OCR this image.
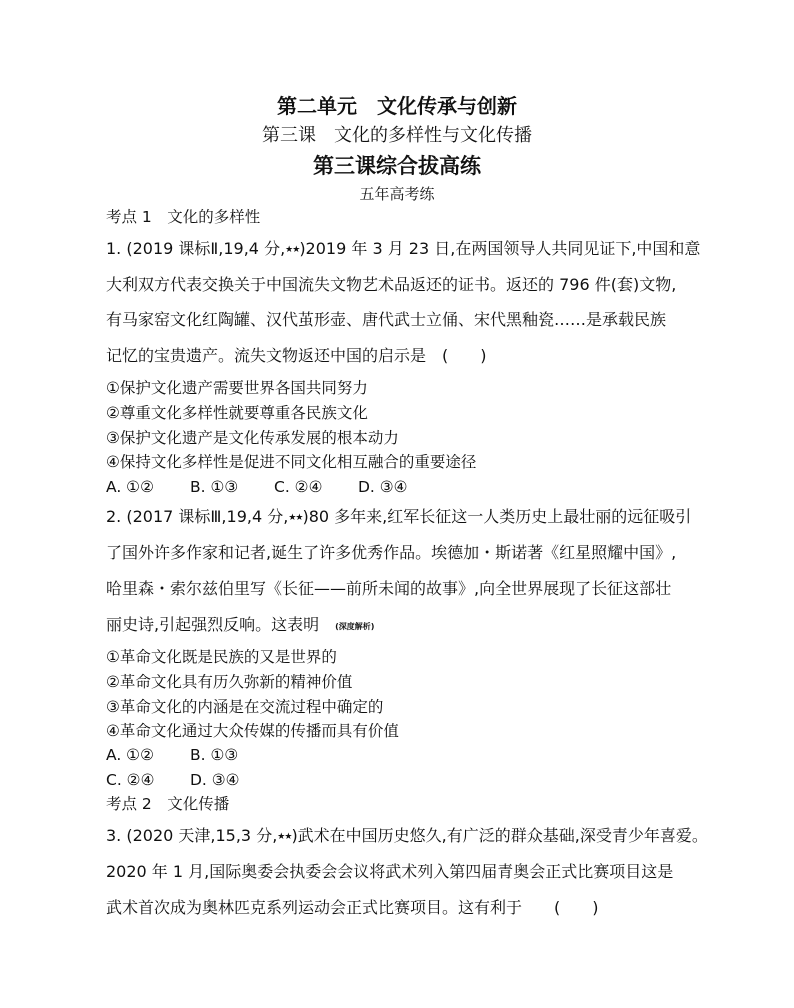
第二单元　文化传承与创新
第三课　文化的多样性与文化传播
第三课综合拔高练
五年高考练
考点 1　文化的多样性
1. (2019 课标Ⅱ,19,4 分,★★)2019 年 3 月 23 日,在两国领导人共同见证下,中国和意
大利双方代表交换关于中国流失文物艺术品返还的证书。返还的 796 件(套)文物,
有马家窑文化红陶罐、汉代茧形壶、唐代武士立俑、宋代黑釉瓷……是承载民族
记忆的宝贵遗产。流失文物返还中国的启示是　(　　)
①保护文化遗产需要世界各国共同努力
②尊重文化多样性就要尊重各民族文化
③保护文化遗产是文化传承发展的根本动力
④保持文化多样性是促进不同文化相互融合的重要途径
A. ①② B. ①③ C. ②④ D. ③④
2. (2017 课标Ⅲ,19,4 分,★★)80 多年来,红军长征这一人类历史上最壮丽的远征吸引
了国外许多作家和记者,诞生了许多优秀作品。埃德加・斯诺著《红星照耀中国》,
哈里森・索尔兹伯里写《长征——前所未闻的故事》,向全世界展现了长征这部壮
丽史诗,引起强烈反响。这表明　(深度解析)
①革命文化既是民族的又是世界的
②革命文化具有历久弥新的精神价值
③革命文化的内涵是在交流过程中确定的
④革命文化通过大众传媒的传播而具有价值
A. ①② B. ①③
C. ②④ D. ③④
考点 2　文化传播
3. (2020 天津,15,3 分,★★)武术在中国历史悠久,有广泛的群众基础,深受青少年喜爱。
2020 年 1 月,国际奥委会执委会会议将武术列入第四届青奥会正式比赛项目这是
武术首次成为奥林匹克系列运动会正式比赛项目。这有利于　　(　　)
